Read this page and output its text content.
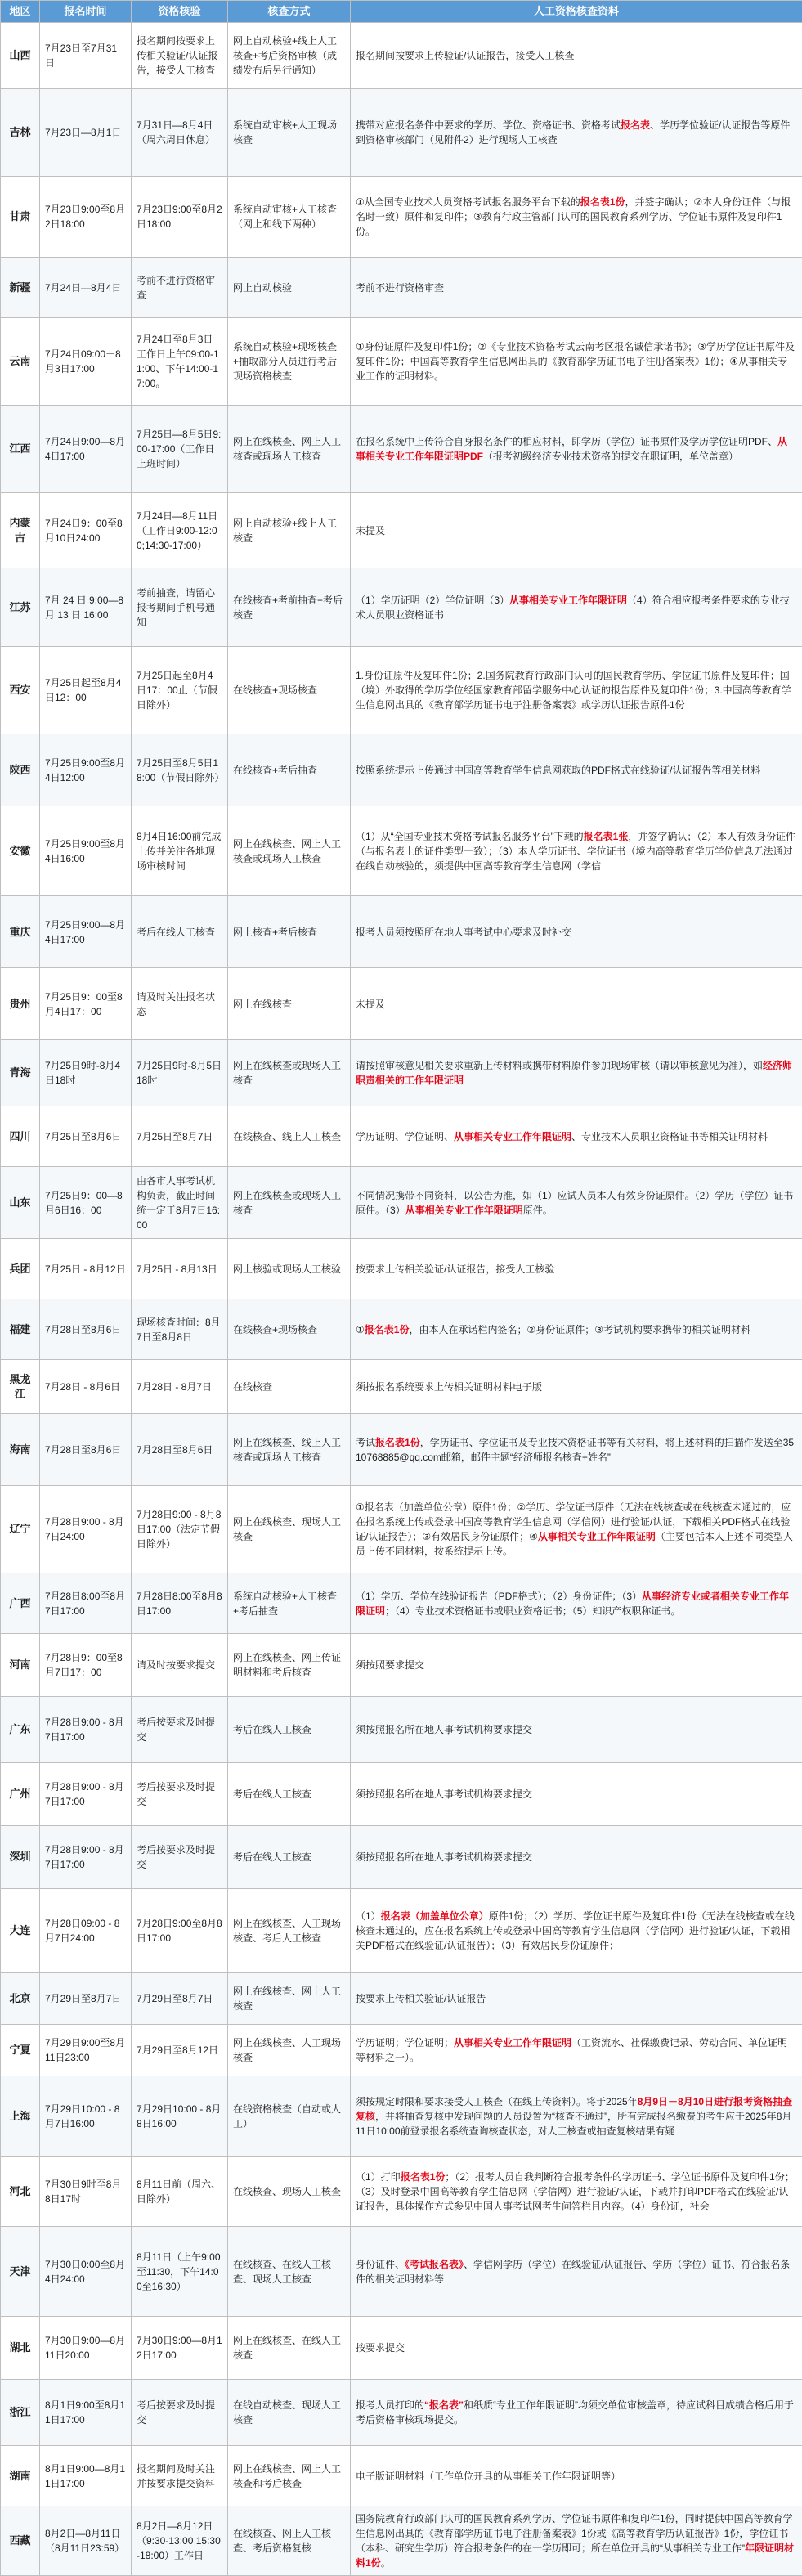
地区	报名时间	资格核验	核查方式	人工资格核查资料
山西	7月23日至7月31日	报名期间按要求上传相关验证/认证报告，接受人工核查	网上自动核验+线上人工核查+考后资格审核（成绩发布后另行通知）	报名期间按要求上传验证/认证报告，接受人工核查
吉林	7月23日—8月1日	7月31日—8月4日（周六周日休息）	系统自动审核+人工现场核查	携带对应报名条件中要求的学历、学位、资格证书、资格考试报名表、学历学位验证/认证报告等原件到资格审核部门（见附件2）进行现场人工核查
甘肃	7月23日9:00至8月2日18:00	7月23日9:00至8月2日18:00	系统自动审核+人工核查（网上和线下两种）	①从全国专业技术人员资格考试报名服务平台下载的报名表1份，并签字确认；②本人身份证件（与报名时一致）原件和复印件；③教育行政主管部门认可的国民教育系列学历、学位证书原件及复印件1份。
新疆	7月24日—8月4日	考前不进行资格审查	网上自动核验	考前不进行资格审查
云南	7月24日09:00－8月3日17:00	7月24日至8月3日工作日上午09:00-11:00、下午14:00-17:00。	系统自动核验+现场核查+抽取部分人员进行考后现场资格核查	①身份证原件及复印件1份；②《专业技术资格考试云南考区报名诚信承诺书》；③学历学位证书原件及复印件1份；中国高等教育学生信息网出具的《教育部学历证书电子注册备案表》1份；④从事相关专业工作的证明材料。
江西	7月24日9:00—8月4日17:00	7月25日—8月5日9:00-17:00（工作日上班时间）	网上在线核查、网上人工核查或现场人工核查	在报名系统中上传符合自身报名条件的相应材料，即学历（学位）证书原件及学历学位证明PDF、从事相关专业工作年限证明PDF（报考初级经济专业技术资格的提交在职证明，单位盖章）
内蒙古	7月24日9：00至8月10日24:00	7月24日—8月11日（工作日9:00-12:00;14:30-17:00）	网上自动核验+线上人工核查	未提及
江苏	7月 24 日 9:00—8 月 13 日 16:00	考前抽查，请留心报考期间手机号通知	在线核查+考前抽查+考后核查	（1）学历证明（2）学位证明（3）从事相关专业工作年限证明（4）符合相应报考条件要求的专业技术人员职业资格证书
西安	7月25日起至8月4日12：00	7月25日起至8月4日17：00止（节假日除外）	在线核查+现场核查	1.身份证原件及复印件1份；2.国务院教育行政部门认可的国民教育学历、学位证书原件及复印件；国（境）外取得的学历学位经国家教育部留学服务中心认证的报告原件及复印件1份；3.中国高等教育学生信息网出具的《教育部学历证书电子注册备案表》或学历认证报告原件1份
陕西	7月25日9:00至8月4日12:00	7月25日至8月5日18:00（节假日除外）	在线核查+考后抽查	按照系统提示上传通过中国高等教育学生信息网获取的PDF格式在线验证/认证报告等相关材料
安徽	7月25日9:00至8月4日16:00	8月4日16:00前完成上传并关注各地现场审核时间	网上在线核查、网上人工核查或现场人工核查	（1）从“全国专业技术资格考试报名服务平台”下载的报名表1张，并签字确认；（2）本人有效身份证件（与报名表上的证件类型一致）；（3）本人学历证书、学位证书（境内高等教育学历学位信息无法通过在线自动核验的，须提供中国高等教育学生信息网（学信
重庆	7月25日9:00—8月4日17:00	考后在线人工核查	网上核查+考后核查	报考人员须按照所在地人事考试中心要求及时补交
贵州	7月25日9：00至8月4日17：00	请及时关注报名状态	网上在线核查	未提及
青海	7月25日9时-8月4日18时	7月25日9时-8月5日18时	网上在线核查或现场人工核查	请按照审核意见相关要求重新上传材料或携带材料原件参加现场审核（请以审核意见为准），如经济师职责相关的工作年限证明
四川	7月25日至8月6日	7月25日至8月7日	在线核查、线上人工核查	学历证明、学位证明、从事相关专业工作年限证明、专业技术人员职业资格证书等相关证明材料
山东	7月25日9：00—8月6日16：00	由各市人事考试机构负责，截止时间统一定于8月7日16:00	网上在线核查或现场人工核查	不同情况携带不同资料，以公告为准，如（1）应试人员本人有效身份证原件。（2）学历（学位）证书原件。（3）从事相关专业工作年限证明原件。
兵团	7月25日 - 8月12日	7月25日 - 8月13日	网上核验或现场人工核验	按要求上传相关验证/认证报告，接受人工核验
福建	7月28日至8月6日	现场核查时间：8月7日至8月8日	在线核查+现场核查	①报名表1份，由本人在承诺栏内签名；②身份证原件；③考试机构要求携带的相关证明材料
黑龙江	7月28日 - 8月6日	7月28日 - 8月7日	在线核查	须按报名系统要求上传相关证明材料电子版
海南	7月28日至8月6日	7月28日至8月6日	网上在线核查、线上人工核查或现场人工核查	考试报名表1份，学历证书、学位证书及专业技术资格证书等有关材料，将上述材料的扫描件发送至3510768885@qq.com邮箱，邮件主题“经济师报名核查+姓名”
辽宁	7月28日9:00 - 8月7日24:00	7月28日9:00 - 8月8日17:00（法定节假日除外）	网上在线核查、现场人工核查	①报名表（加盖单位公章）原件1份；②学历、学位证书原件（无法在线核查或在线核查未通过的，应在报名系统上传或登录中国高等教育学生信息网（学信网）进行验证/认证，下载相关PDF格式在线验证/认证报告）；③有效居民身份证原件；④从事相关专业工作年限证明（主要包括本人上述不同类型人员上传不同材料，按系统提示上传。
广西	7月28日8:00至8月7日17:00	7月28日8:00至8月8日17:00	系统自动核验+人工核查+考后抽查	（1）学历、学位在线验证报告（PDF格式）；（2）身份证件；（3）从事经济专业或者相关专业工作年限证明；（4）专业技术资格证书或职业资格证书；（5）知识产权职称证书。
河南	7月28日9：00至8月7日17：00	请及时按要求提交	网上在线核查、网上传证明材料和考后核查	须按照要求提交
广东	7月28日9:00 - 8月7日17:00	考后按要求及时提交	考后在线人工核查	须按照报名所在地人事考试机构要求提交
广州	7月28日9:00 - 8月7日17:00	考后按要求及时提交	考后在线人工核查	须按照报名所在地人事考试机构要求提交
深圳	7月28日9:00 - 8月7日17:00	考后按要求及时提交	考后在线人工核查	须按照报名所在地人事考试机构要求提交
大连	7月28日09:00 - 8月7日24:00	7月28日9:00至8月8日17:00	网上在线核查、人工现场核查、考后人工核查	（1）报名表（加盖单位公章）原件1份；（2）学历、学位证书原件及复印件1份（无法在线核查或在线核查未通过的，应在报名系统上传或登录中国高等教育学生信息网（学信网）进行验证/认证，下载相关PDF格式在线验证/认证报告）；（3）有效居民身份证原件；
北京	7月29日至8月7日	7月29日至8月7日	网上在线核查、网上人工核查	按要求上传相关验证/认证报告
宁夏	7月29日9:00至8月11日23:00	7月29日至8月12日	网上在线核查、人工现场核查	学历证明；学位证明；从事相关专业工作年限证明（工资流水、社保缴费记录、劳动合同、单位证明等材料之一）。
上海	7月29日10:00 - 8月7日16:00	7月29日10:00 - 8月8日16:00	在线资格核查（自动或人工）	须按规定时限和要求接受人工核查（在线上传资料）。将于2025年8月9日－8月10日进行报考资格抽查复核，并将抽查复核中发现问题的人员设置为“核查不通过”，所有完成报名缴费的考生应于2025年8月11日10:00前登录报名系统查询核查状态，对人工核查或抽查复核结果有疑
河北	7月30日9时至8月8日17时	8月11日前（周六、日除外）	在线核查、现场人工核查	（1）打印报名表1份；（2）报考人员自我判断符合报考条件的学历证书、学位证书原件及复印件1份；（3）及时登录中国高等教育学生信息网（学信网）进行验证/认证，下载并打印PDF格式在线验证/认证报告，具体操作方式参见中国人事考试网考生问答栏目内容。（4）身份证，社会
天津	7月30日0:00至8月4日24:00	8月11日（上午9:00至11:30，下午14:00至16:30）	在线核查、在线人工核查、现场人工核查	身份证件、《考试报名表》、学信网学历（学位）在线验证/认证报告、学历（学位）证书、符合报名条件的相关证明材料等
湖北	7月30日9:00—8月11日20:00	7月30日9:00—8月12日17:00	网上在线核查、在线人工核查	按要求提交
浙江	8月1日9:00至8月11日17:00	考后按要求及时提交	在线自动核查、现场人工核查	报考人员打印的“报名表”和纸质“专业工作年限证明”均须交单位审核盖章，待应试科目成绩合格后用于考后资格审核现场提交。
湖南	8月1日9:00—8月11日17:00	报名期间及时关注并按要求提交资料	网上在线核查、网上人工核查和考后核查	电子版证明材料（工作单位开具的从事相关工作年限证明等）
西藏	8月2日—8月11日（8月11日23:59）	8月2日—8月12日（9:30-13:00 15:30-18:00）工作日	在线核查、网上人工核查、考后资格复核	国务院教育行政部门认可的国民教育系列学历、学位证书原件和复印件1份，同时提供中国高等教育学生信息网出具的《教育部学历证书电子注册备案表》1份或《高等教育学历认证报告》1份，学位证书（本科、研究生学历）符合报考条件的在一学历即可；所在单位开具的“从事相关专业工作”年限证明材料1份。
